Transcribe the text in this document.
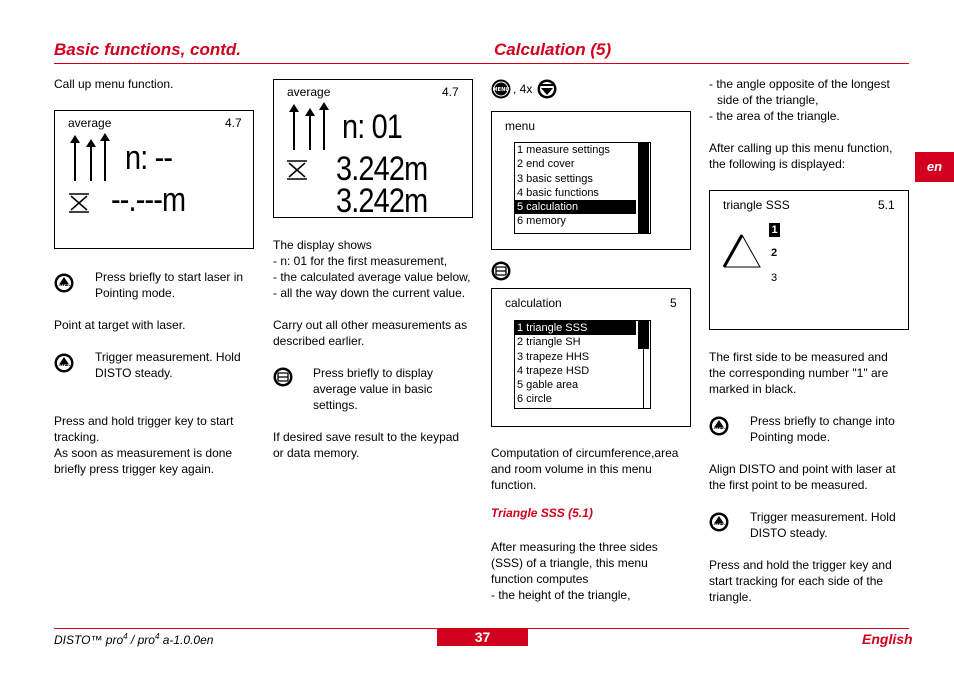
Basic functions, contd.	Calculation (5)
en
Call up menu function.
average	4.7
n: --
--.---m
DIST
Press briefly to start laser in Pointing mode.
Point at target with laser.
DIST
Trigger measurement. Hold DISTO steady.
Press and hold trigger key to start
tracking.
As soon as measurement is done
briefly press trigger key again.
average	4.7
n: 01
3.242m
3.242m
The display shows
- n: 01 for the first measurement,
- the calculated average value below,
- all the way down the current value.
Carry out all other measurements as
described earlier.
Press briefly to display
average value in basic
settings.
If desired save result to the keypad
or data memory.
MENU , 4x
menu
1 measure settings
2 end cover
3 basic settings
4 basic functions
5 calculation
6 memory
calculation	5
1 triangle SSS
2 triangle SH
3 trapeze HHS
4 trapeze HSD
5 gable area
6 circle
Computation of circumference,area
and room volume in this menu
function.
Triangle SSS (5.1)
After measuring the three sides
(SSS) of a triangle, this menu
function computes
- the height of the triangle,
- the angle opposite of the longest
side of the triangle,
- the area of the triangle.
After calling up this menu function,
the following is displayed:
triangle SSS	5.1
1
2
3
The first side to be measured and
the corresponding number "1" are
marked in black.
DIST
Press briefly to change into
Pointing mode.
Align DISTO and point with laser at
the first point to be measured.
DIST
Trigger measurement. Hold
DISTO steady.
Press and hold the trigger key and
start tracking for each side of the
triangle.
DISTO™ pro$^4$ / pro$^4$ a-1.0.0en	37	English
